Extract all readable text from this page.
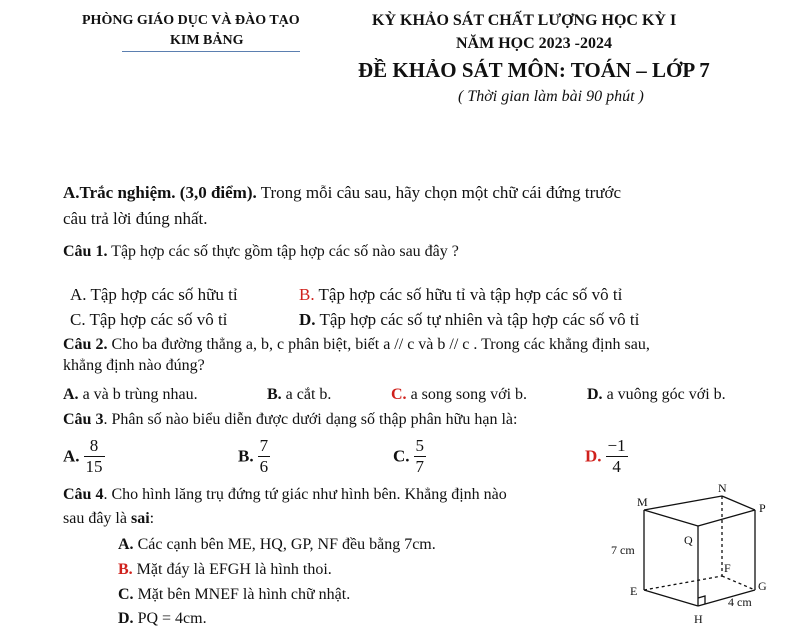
PHÒNG GIÁO DỤC VÀ ĐÀO TẠO
KIM BẢNG
KỲ KHẢO SÁT CHẤT LƯỢNG HỌC KỲ I
NĂM HỌC 2023 -2024
ĐỀ KHẢO SÁT MÔN: TOÁN – LỚP 7
( Thời gian làm bài 90 phút )
A.Trắc nghiệm. (3,0 điểm). Trong mỗi câu sau, hãy chọn một chữ cái đứng trước
câu trả lời đúng nhất.
Câu 1. Tập hợp các số thực gồm tập hợp các số nào sau đây ?
A. Tập hợp các số hữu tỉ	B. Tập hợp các số hữu tỉ và tập hợp các số vô tỉ
C. Tập hợp các số vô tỉ	D. Tập hợp các số tự nhiên và tập hợp các số vô tỉ
Câu 2. Cho ba đường thẳng a, b, c phân biệt, biết a // c và b // c . Trong các khẳng định sau,
khẳng định nào đúng?
A. a và b trùng nhau.	B. a cắt b.	C. a song song với b.	D. a vuông góc với b.
Câu 3. Phân số nào biểu diễn được dưới dạng số thập phân hữu hạn là:
A. $\frac{8}{15}$	B. $\frac{7}{6}$	C. $\frac{5}{7}$	D. $\frac{-1}{4}$
Câu 4. Cho hình lăng trụ đứng tứ giác như hình bên. Khẳng định nào
sau đây là sai:
A. Các cạnh bên ME, HQ, GP, NF đều bằng 7cm.
B. Mặt đáy là EFGH là hình thoi.
C. Mặt bên MNEF là hình chữ nhật.
D. PQ = 4cm.
M
N
P
Q
E
F
G
H
7 cm
4 cm
